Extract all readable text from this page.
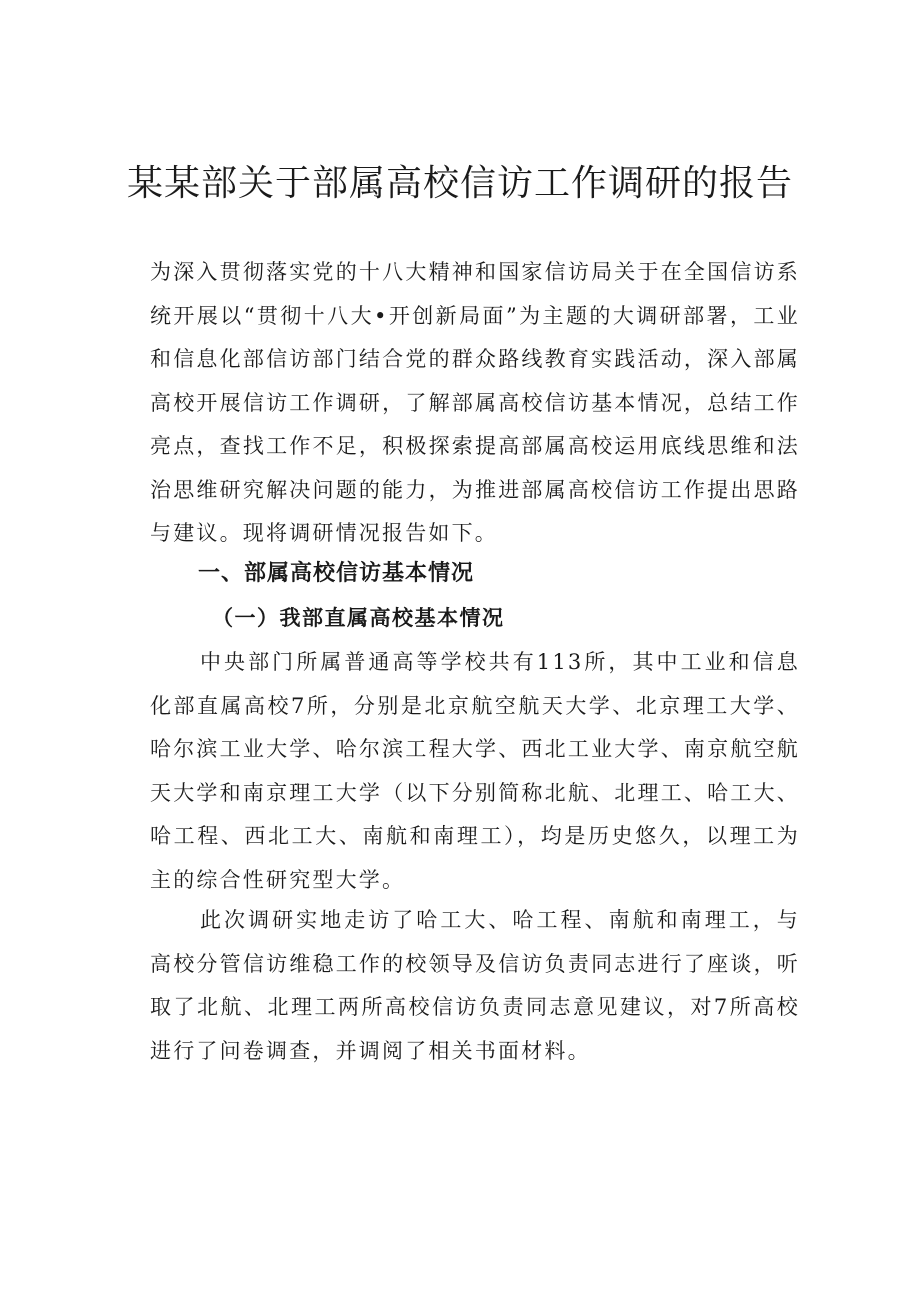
某某部关于部属高校信访工作调研的报告

为深入贯彻落实党的十八大精神和国家信访局关于在全国信访系统开展以“贯彻十八大•开创新局面”为主题的大调研部署，工业和信息化部信访部门结合党的群众路线教育实践活动，深入部属高校开展信访工作调研，了解部属高校信访基本情况，总结工作亮点，查找工作不足，积极探索提高部属高校运用底线思维和法治思维研究解决问题的能力，为推进部属高校信访工作提出思路与建议。现将调研情况报告如下。

一、部属高校信访基本情况
（一）我部直属高校基本情况

中央部门所属普通高等学校共有113所，其中工业和信息化部直属高校7所，分别是北京航空航天大学、北京理工大学、哈尔滨工业大学、哈尔滨工程大学、西北工业大学、南京航空航天大学和南京理工大学（以下分别简称北航、北理工、哈工大、哈工程、西北工大、南航和南理工），均是历史悠久，以理工为主的综合性研究型大学。

此次调研实地走访了哈工大、哈工程、南航和南理工，与高校分管信访维稳工作的校领导及信访负责同志进行了座谈，听取了北航、北理工两所高校信访负责同志意见建议，对7所高校进行了问卷调查，并调阅了相关书面材料。
